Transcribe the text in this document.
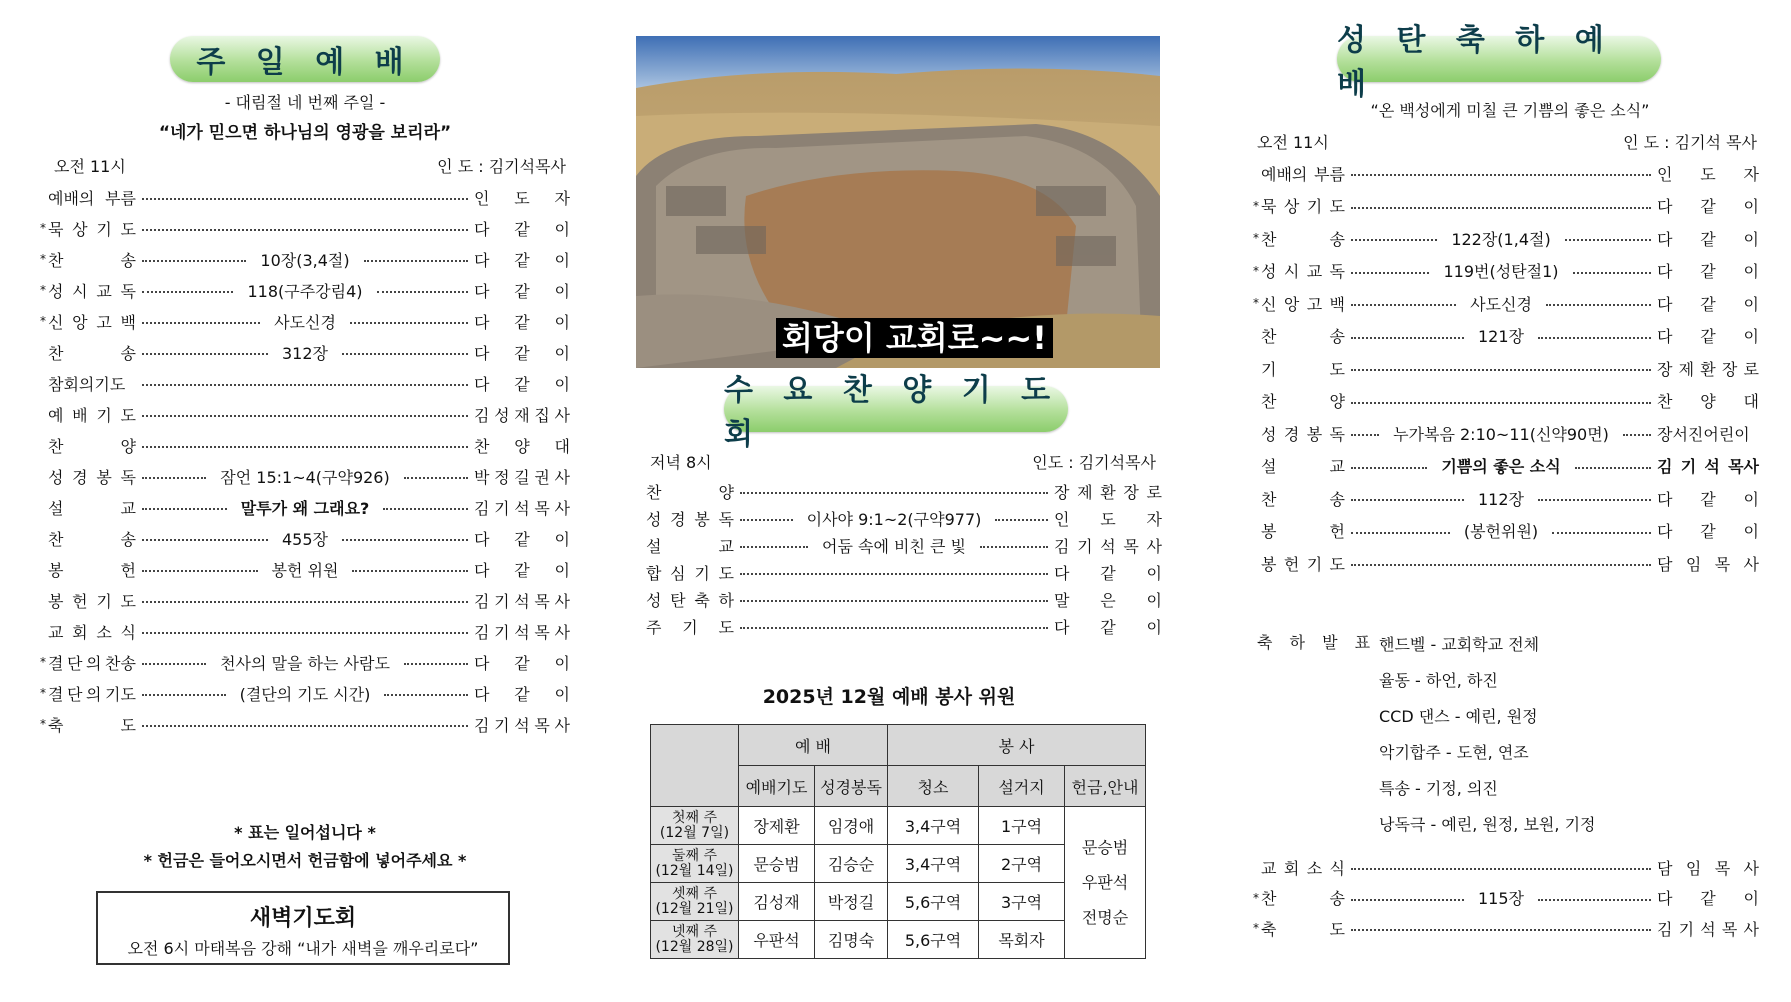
주 일 예 배
- 대림절 네 번째 주일 -
“네가 믿으면 하나님의 영광을 보리라”
오전 11시	인 도 : 김기석목사
예배의 부름	인 도 자
* 묵 상 기 도	다 같 이
* 찬	송	10장(3,4절)	다 같 이
* 성 시 교 독	118(구주강림4)	다 같 이
* 신 앙 고 백	사도신경	다 같 이
찬	송	312장	다 같 이
참회의기도	다 같 이
예 배 기 도	김 성 재 집 사
찬	양	찬 양 대
성 경 봉 독	잠언 15:1~4(구약926)	박 정 길 권 사
설	교	말투가 왜 그래요?	김 기 석 목 사
찬	송	455장	다 같 이
봉	헌	봉헌 위원	다 같 이
봉 헌 기 도	김 기 석 목 사
교 회 소 식	김 기 석 목 사
* 결 단 의 찬송	천사의 말을 하는 사람도	다 같 이
* 결 단 의 기도	(결단의 기도 시간)	다 같 이
* 축	도	김 기 석 목 사
* 표는 일어섭니다 *
* 헌금은 들어오시면서 헌금함에 넣어주세요 *
새벽기도회
오전 6시 마태복음 강해 “내가 새벽을 깨우리로다”
회당이 교회로~~!
수 요 찬 양 기 도 회
저녁 8시	인도 : 김기석목사
찬	양	장 제 환 장 로
성 경 봉 독	이사야 9:1~2(구약977)	인 도 자
설	교	어둠 속에 비친 큰 빛	김 기 석 목 사
합 심 기 도	다 같 이
성 탄 축 하	말 은 이
주 기 도	다 같 이
2025년 12월 예배 봉사 위원
	예 배		봉 사		
	예배기도	성경봉독	청소	설거지	헌금,안내
첫째 주
(12월 7일)	장제환	임경애	3,4구역	1구역	문승범
우판석
전명순
둘째 주
(12월 14일)	문승범	김승순	3,4구역	2구역	
셋째 주
(12월 21일)	김성재	박정길	5,6구역	3구역	
넷째 주
(12월 28일)	우판석	김명숙	5,6구역	목회자	
성 탄 축 하 예 배
“온 백성에게 미칠 큰 기쁨의 좋은 소식”
오전 11시	인 도 : 김기석 목사
예배의 부름	인 도 자
* 묵 상 기 도	다 같 이
* 찬	송	122장(1,4절)	다 같 이
* 성 시 교 독	119번(성탄절1)	다 같 이
* 신 앙 고 백	사도신경	다 같 이
찬	송	121장	다 같 이
기	도	장 제 환 장 로
찬	양	찬 양 대
성 경 봉 독	누가복음 2:10~11(신약90면)	장서진어린이
설	교	기쁨의 좋은 소식	김 기 석 목사
찬	송	112장	다 같 이
봉	헌	(봉헌위원)	다 같 이
봉 헌 기 도	담 임 목 사
축 하 발 표 핸드벨 - 교회학교 전체
율동 - 하언, 하진
CCD 댄스 - 예린, 원정
악기합주 - 도현, 연조
특송 - 기정, 의진
낭독극 - 예린, 원정, 보원, 기정
교 회 소 식	담 임 목 사
* 찬	송	115장	다 같 이
* 축	도	김 기 석 목 사
